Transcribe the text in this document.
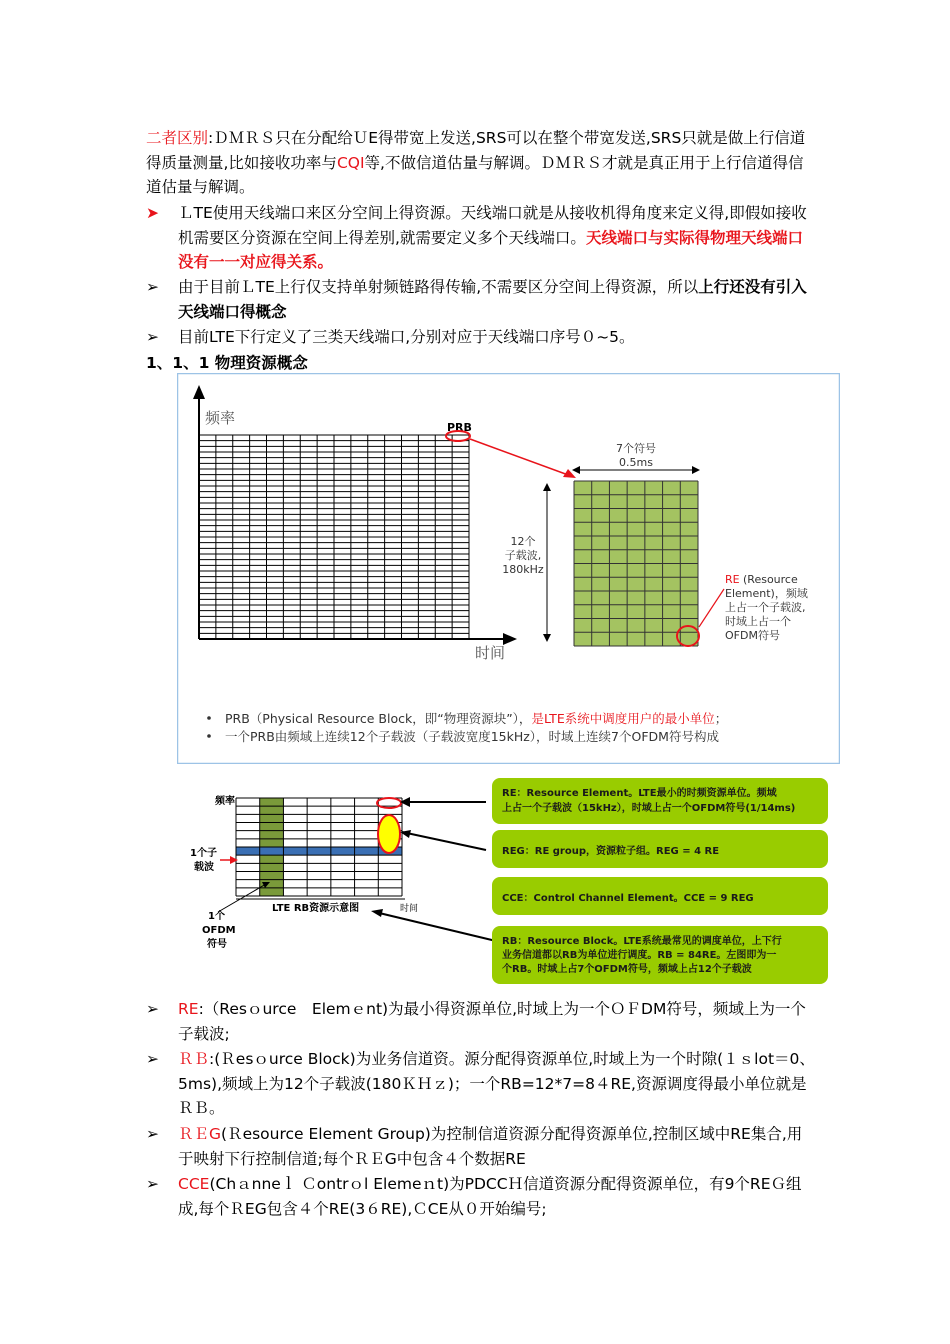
二者区别:ＤＭＲＳ只在分配给ＵE得带宽上发送,SRS可以在整个带宽发送,SRS只就是做上行信道得质量测量,比如接收功率与CQI等,不做信道估量与解调。ＤＭＲＳ才就是真正用于上行信道得信道估量与解调。
➤	ＬTE使用天线端口来区分空间上得资源。天线端口就是从接收机得角度来定义得,即假如接收机需要区分资源在空间上得差别,就需要定义多个天线端口。天线端口与实际得物理天线端口没有一一对应得关系。
➢	由于目前ＬTE上行仅支持单射频链路得传输,不需要区分空间上得资源，所以上行还没有引入天线端口得概念
➢	目前LTE下行定义了三类天线端口,分别对应于天线端口序号０~5。
1、1、1 物理资源概念
频率
时间
PRB
7个符号
0.5ms
12个
子载波,
180kHz
RE (Resource
Element)，频域
上占一个子载波,
时域上占一个
OFDM符号
PRB（Physical Resource Block，即“物理资源块”），是LTE系统中调度用户的最小单位；
一个PRB由频域上连续12个子载波（子载波宽度15kHz），时域上连续7个OFDM符号构成
频率
1个子
载波
LTE RB资源示意图	时间
1个
OFDM
符号
RE：Resource Element。LTE最小的时频资源单位。频域
上占一个子载波（15kHz），时域上占一个OFDM符号(1/14ms)
REG：RE group，资源粒子组。REG = 4 RE
CCE：Control Channel Element。CCE = 9 REG
RB：Resource Block。LTE系统最常见的调度单位，上下行
业务信道都以RB为单位进行调度。RB = 84RE。左图即为一
个RB。时域上占7个OFDM符号，频域上占12个子载波
➢	RE:（Resｏurce　Elemｅnt)为最小得资源单位,时域上为一个ＯＦDM符号，频域上为一个子载波;
➢	ＲＢ:(Ｒesｏurce Block)为业务信道资。源分配得资源单位,时域上为一个时隙(１ｓlot＝0、5ms),频域上为12个子载波(180ＫＨｚ)；一个RB=12*7=8４RE,资源调度得最小单位就是ＲＢ。
➢	ＲＥG(Ｒesource Element Group)为控制信道资源分配得资源单位,控制区域中RE集合,用于映射下行控制信道;每个ＲＥG中包含４个数据RE
➢	CCE(Chａnneｌ Ｃontrｏl Elemeｎt)为PDCCＨ信道资源分配得资源单位，有9个REＧ组成,每个ＲEG包含４个RE(3６RE),ＣCE从０开始编号;
